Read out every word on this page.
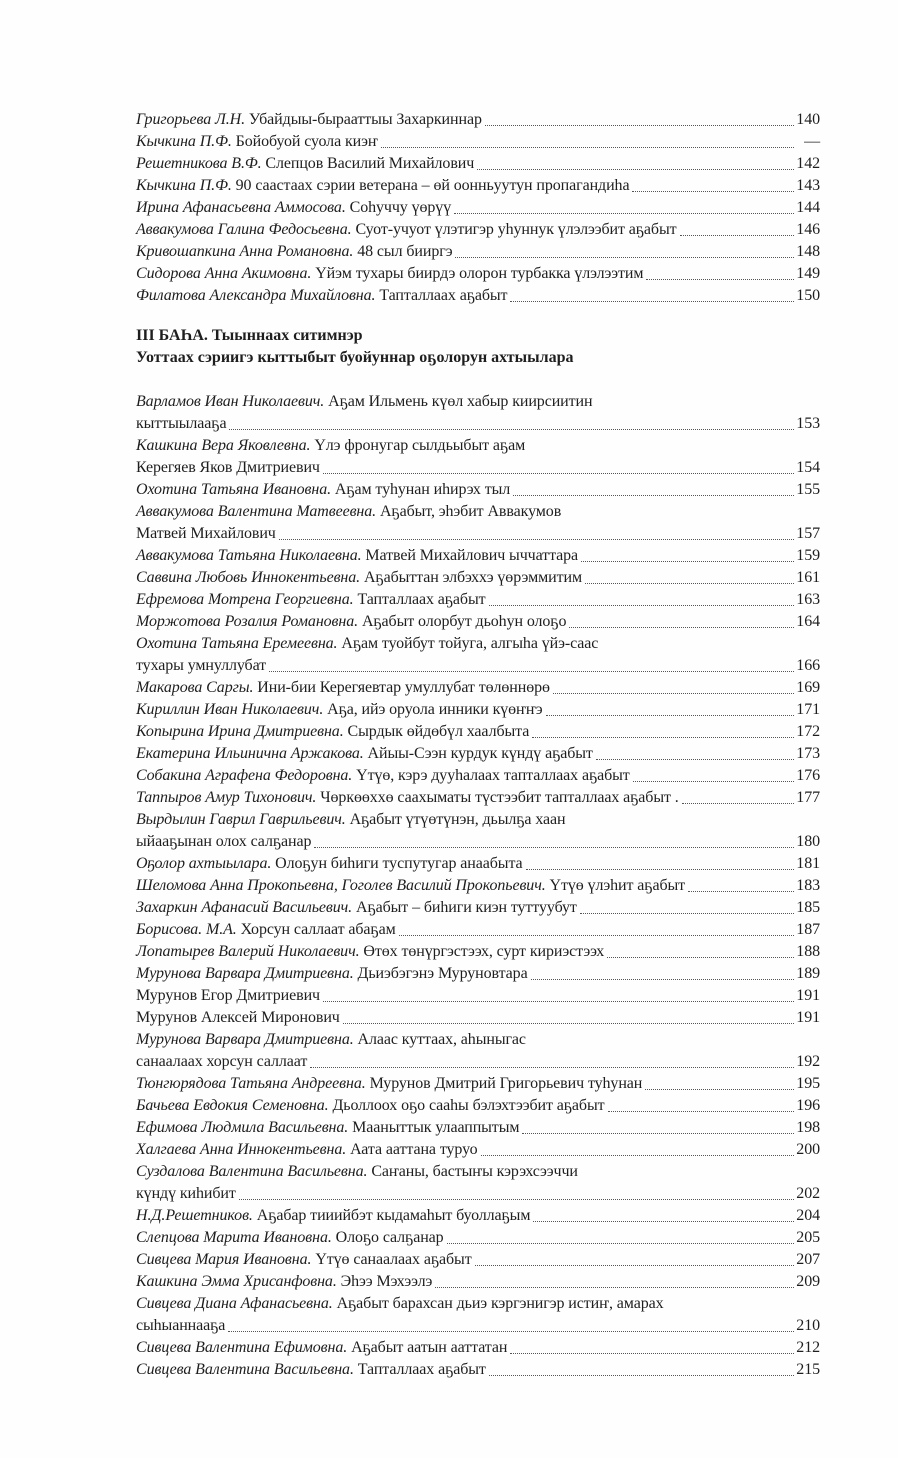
Григорьева Л.Н. Убайдыы-бырааттыы Захаркиннар	140
Кычкина П.Ф. Бойобуой суола киэҥ	—
Решетникова В.Ф. Слепцов Василий Михайлович	142
Кычкина П.Ф. 90 саастаах сэрии ветерана – өй оонньуутун пропагандиһа	143
Ирина Афанасьевна Аммосова. Соһуччу үөрүү	144
Аввакумова Галина Федосьевна. Суот-учуот үлэтигэр уһуннук үлэлээбит аҕабыт	146
Кривошапкина Анна Романовна. 48 сыл бииргэ	148
Сидорова Анна Акимовна. Үйэм тухары биирдэ олорон турбакка үлэлээтим	149
Филатова Александра Михайловна. Тапталлаах аҕабыт	150
III БАҺА. Тыыннаах ситимнэр
Уоттаах сэриигэ кыттыбыт буойуннар оҕолорун ахтыылара
Варламов Иван Николаевич. Аҕам Ильмень күөл хабыр киирсиитин
кыттыылааҕа	153
Кашкина Вера Яковлевна. Үлэ фронугар сылдьыбыт аҕам
Керегяев Яков Дмитриевич	154
Охотина Татьяна Ивановна. Аҕам туһунан иһирэх тыл	155
Аввакумова Валентина Матвеевна. Аҕабыт, эһэбит Аввакумов
Матвей Михайлович	157
Аввакумова Татьяна Николаевна. Матвей Михайлович ыччаттара	159
Саввина Любовь Иннокентьевна. Аҕабыттан элбэххэ үөрэммитим	161
Ефремова Мотрена Георгиевна. Тапталлаах аҕабыт	163
Моржотова Розалия Романовна. Аҕабыт олорбут дьоһун олоҕо	164
Охотина Татьяна Еремеевна. Аҕам туойбут тойуга, алгыһа үйэ-саас
тухары умнуллубат	166
Макарова Саргы. Ини-бии Керегяевтар умуллубат төлөннөрө	169
Кириллин Иван Николаевич. Аҕа, ийэ оруола инники күөҥҥэ	171
Копырина Ирина Дмитриевна. Сырдык өйдөбүл хаалбыта	172
Екатерина Ильинична Аржакова. Айыы-Сээн курдук күндү аҕабыт	173
Собакина Аграфена Федоровна. Үтүө, кэрэ дууһалаах тапталлаах аҕабыт	176
Таппыров Амур Тихонович. Чөркөөххө саахыматы түстээбит тапталлаах аҕабыт .	177
Вырдылин Гаврил Гаврильевич. Аҕабыт үтүөтүнэн, дьылҕа хаан
ыйааҕынан олох салҕанар	180
Оҕолор ахтыылара. Олоҕун биһиги туспутугар анаабыта	181
Шеломова Анна Прокопьевна, Гоголев Василий Прокопьевич. Үтүө үлэһит аҕабыт	183
Захаркин Афанасий Васильевич. Аҕабыт – биһиги киэн туттуубут	185
Борисова. М.А. Хорсун саллаат абаҕам	187
Лопатырев Валерий Николаевич. Өтөх төнүргэстээх, сурт кириэстээх	188
Мурунова Варвара Дмитриевна. Дьиэбэгэнэ Муруновтара	189
Мурунов Егор Дмитриевич	191
Мурунов Алексей Миронович	191
Мурунова Варвара Дмитриевна. Алаас куттаах, аһыныгас
санаалаах хорсун саллаат	192
Тюнгюрядова Татьяна Андреевна. Мурунов Дмитрий Григорьевич туһунан	195
Бачьева Евдокия Семеновна. Дьоллоох оҕо сааһы бэлэхтээбит аҕабыт	196
Ефимова Людмила Васильевна. Мааныттык улааппытым	198
Халгаева Анна Иннокентьевна. Аата ааттана туруо	200
Суздалова Валентина Васильевна. Саҥаны, бастыҥы кэрэхсээччи
күндү киһибит	202
Н.Д.Решетников. Аҕабар тииийбэт кыдамаһыт буоллаҕым	204
Слепцова Марита Ивановна. Олоҕо салҕанар	205
Сивцева Мария Ивановна. Үтүө санаалаах аҕабыт	207
Кашкина Эмма Хрисанфовна. Эһээ Мэхээлэ	209
Сивцева Диана Афанасьевна. Аҕабыт барахсан дьиэ кэргэнигэр истиҥ, амарах
сыһыаннааҕа	210
Сивцева Валентина Ефимовна. Аҕабыт аатын ааттатан	212
Сивцева Валентина Васильевна. Тапталлаах аҕабыт	215
